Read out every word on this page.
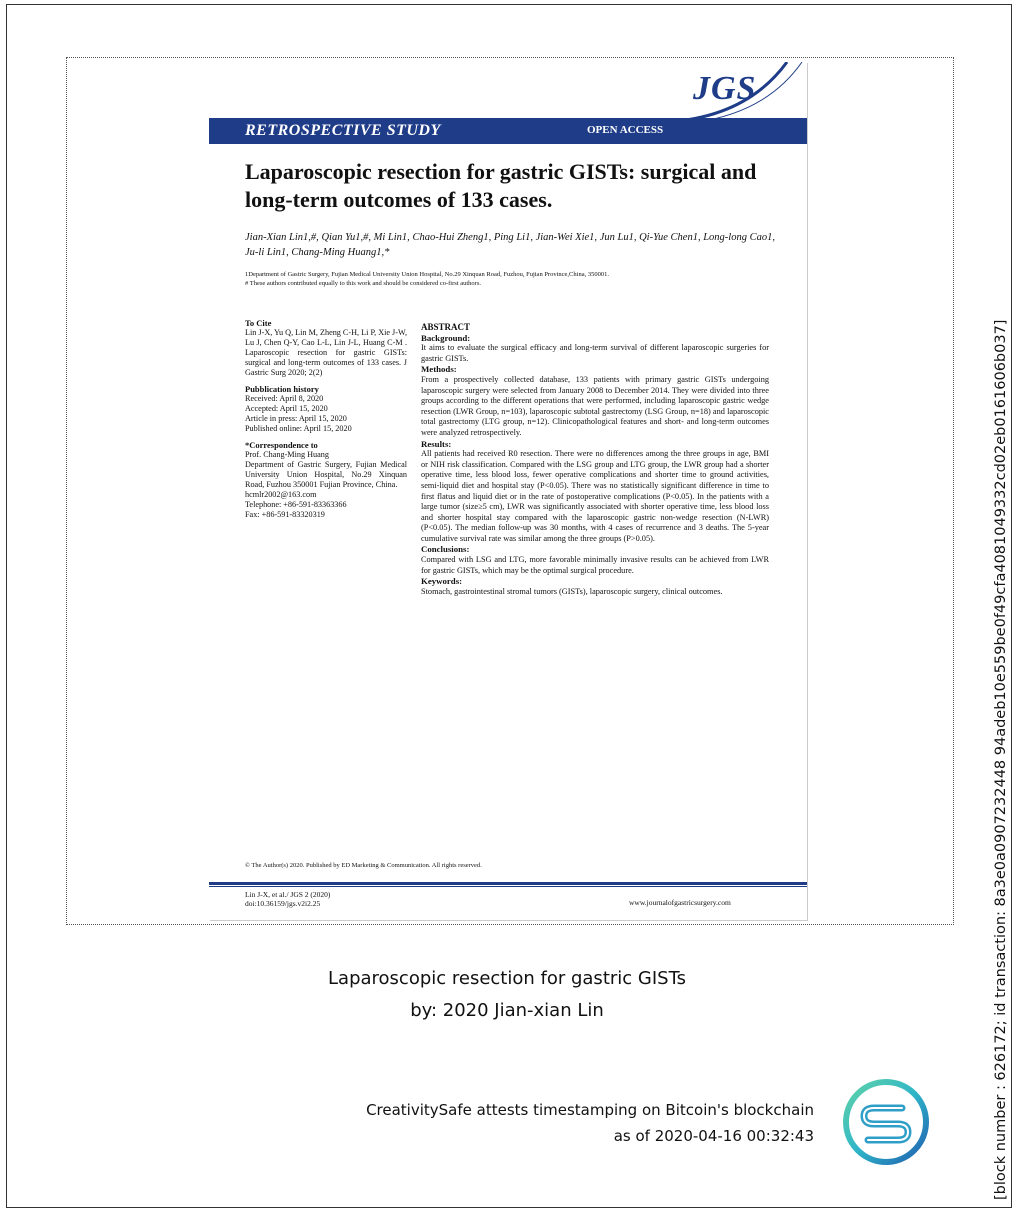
JGS
RETROSPECTIVE STUDY	OPEN ACCESS
Laparoscopic resection for gastric GISTs: surgical and long-term outcomes of 133 cases.
Jian-Xian Lin1,#, Qian Yu1,#, Mi Lin1, Chao-Hui Zheng1, Ping Li1, Jian-Wei Xie1, Jun Lu1, Qi-Yue Chen1, Long-long Cao1, Ju-li Lin1, Chang-Ming Huang1,*
1Department of Gastric Surgery, Fujian Medical University Union Hospital, No.29 Xinquan Road, Fuzhou, Fujian Province,China, 350001.
# These authors contributed equally to this work and should be considered co-first authors.
To Cite

Lin J-X, Yu Q, Lin M, Zheng C-H, Li P, Xie J-W, Lu J, Chen Q-Y, Cao L-L, Lin J-L, Huang C-M . Laparoscopic resection for gastric GISTs: surgical and long-term outcomes of 133 cases. J Gastric Surg 2020; 2(2)

Pubblication history

Received: April 8, 2020

Accepted: April 15, 2020

Article in press: April 15, 2020

Published online: April 15, 2020

*Correspondence to

Prof. Chang-Ming Huang

Department of Gastric Surgery, Fujian Medical University Union Hospital, No.29 Xinquan Road, Fuzhou 350001 Fujian Province, China.

hcmlr2002@163.com

Telephone: +86-591-83363366

Fax: +86-591-83320319

ABSTRACT
Background:

It aims to evaluate the surgical efficacy and long-term survival of different laparoscopic surgeries for gastric GISTs.

Methods:

From a prospectively collected database, 133 patients with primary gastric GISTs undergoing laparoscopic surgery were selected from January 2008 to December 2014. They were divided into three groups according to the different operations that were performed, including laparoscopic gastric wedge resection (LWR Group, n=103), laparoscopic subtotal gastrectomy (LSG Group, n=18) and laparoscopic total gastrectomy (LTG group, n=12). Clinicopathological features and short- and long-term outcomes were analyzed retrospectively.

Results:

All patients had received R0 resection. There were no differences among the three groups in age, BMI or NIH risk classification. Compared with the LSG group and LTG group, the LWR group had a shorter operative time, less blood loss, fewer operative complications and shorter time to ground activities, semi-liquid diet and hospital stay (P<0.05). There was no statistically significant difference in time to first flatus and liquid diet or in the rate of postoperative complications (P<0.05). In the patients with a large tumor (size≥5 cm), LWR was significantly associated with shorter operative time, less blood loss and shorter hospital stay compared with the laparoscopic gastric non-wedge resection (N-LWR) (P<0.05). The median follow-up was 30 months, with 4 cases of recurrence and 3 deaths. The 5-year cumulative survival rate was similar among the three groups (P>0.05).

Conclusions:

Compared with LSG and LTG, more favorable minimally invasive results can be achieved from LWR for gastric GISTs, which may be the optimal surgical procedure.

Keywords:

Stomach, gastrointestinal stromal tumors (GISTs), laparoscopic surgery, clinical outcomes.

© The Author(s) 2020. Published by ED Marketing & Communication. All rights reserved.
Lin J-X, et al./ JGS 2 (2020)
doi:10.36159/jgs.v2i2.25	www.journalofgastricsurgery.com
Laparoscopic resection for gastric GISTs
by: 2020 Jian-xian Lin
CreativitySafe attests timestamping on Bitcoin's blockchain
as of 2020-04-16 00:32:43	[block number : 626172; id transaction: 8a3e0a0907232448 94adeb10e559be0f49cfa4081049332cd02eb0161606b037]
